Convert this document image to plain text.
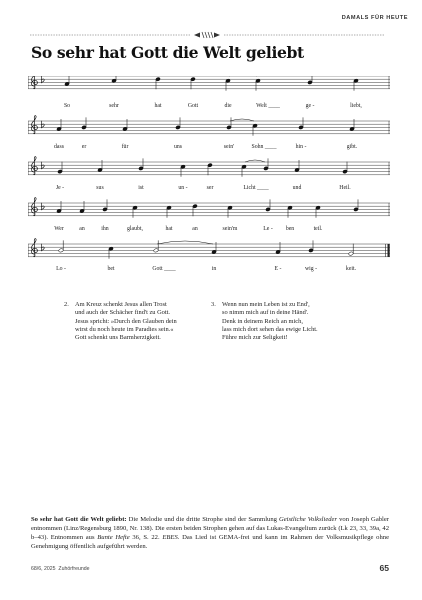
DAMALS FÜR HEUTE
So sehr hat Gott die Welt geliebt
So	sehr	hat	Gott	die	Welt ____	ge -	liebt,
dass	er	für	uns	sein'	Sohn ____	hin -	gibt.
Je -	sus	ist	un -	ser	Licht ____	und	Heil.
Wer	an	ihn	glaubt,	hat	an	sein'm	Le - ben	teil.
Lo -	bet	Gott ____	in	E -	wig -	keit.
2. Am Kreuz schenkt Jesus allen Trost
und auch der Schächer find't zu Gott.
Jesus spricht: »Durch den Glauben dein
wirst du noch heute im Paradies sein.«
Gott schenkt uns Barmherzigkeit.
3. Wenn nun mein Leben ist zu End',
so nimm mich auf in deine Händ'.
Denk in deinem Reich an mich,
lass mich dort sehen das ewige Licht.
Führe mich zur Seligkeit!

So sehr hat Gott die Welt geliebt: Die Melodie und die dritte Strophe sind der Sammlung Geistliche Volkslieder von Joseph Gabler entnommen (Linz/Regensburg 1890, Nr. 138). Die ersten beiden Strophen gehen auf das Lukas-Evangelium zurück (Lk 23, 33, 39a, 42 b–43). Entnommen aus Bunte Hefte 36, S. 22. EBES. Das Lied ist GEMA-frei und kann im Rahmen der Volksmusikpflege ohne Genehmigung öffentlich aufgeführt werden.

68/6, 2025 Zuhörfreunde	65
